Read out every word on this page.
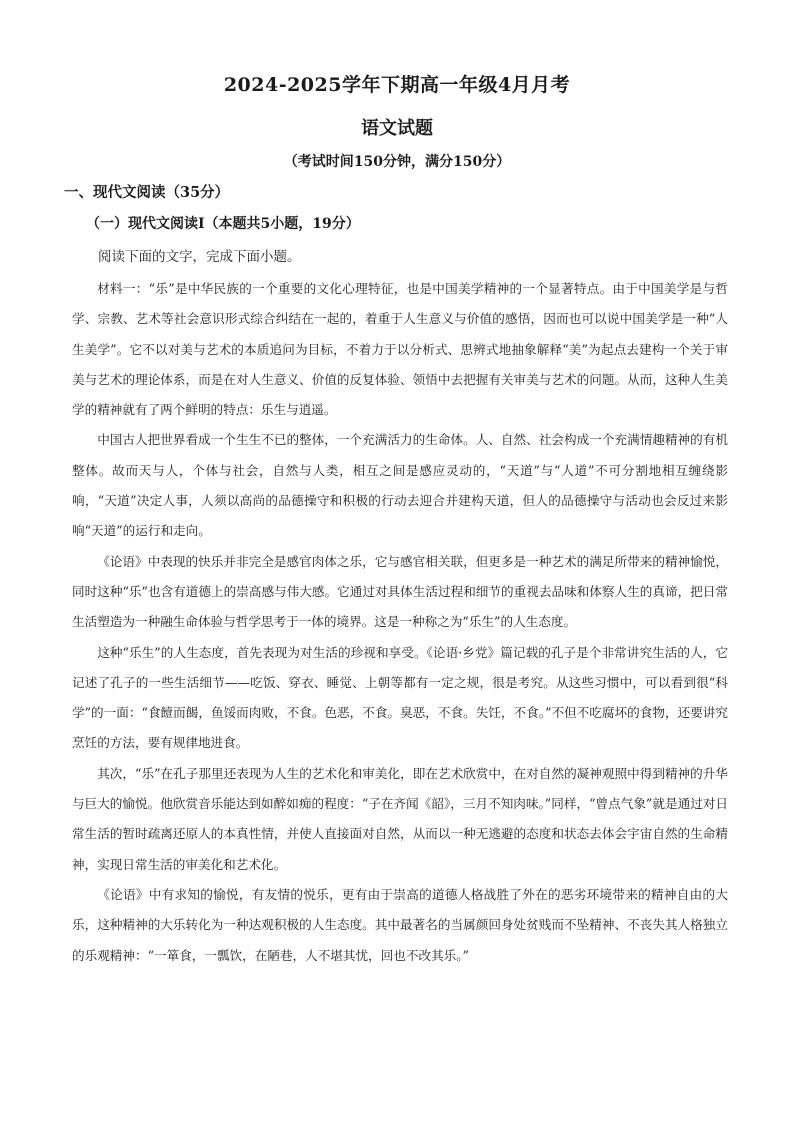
2024-2025学年下期高一年级4月月考
语文试题
（考试时间150分钟，满分150分）
一、现代文阅读（35分）
（一）现代文阅读Ⅰ（本题共5小题，19分）
阅读下面的文字，完成下面小题。

材料一：“乐”是中华民族的一个重要的文化心理特征，也是中国美学精神的一个显著特点。由于中国美学是与哲学、宗教、艺术等社会意识形式综合纠结在一起的，着重于人生意义与价值的感悟，因而也可以说中国美学是一种“人生美学”。它不以对美与艺术的本质追问为目标，不着力于以分析式、思辨式地抽象解释“美”为起点去建构一个关于审美与艺术的理论体系，而是在对人生意义、价值的反复体验、领悟中去把握有关审美与艺术的问题。从而，这种人生美学的精神就有了两个鲜明的特点：乐生与逍遥。

中国古人把世界看成一个生生不已的整体，一个充满活力的生命体。人、自然、社会构成一个充满情趣精神的有机整体。故而天与人，个体与社会，自然与人类，相互之间是感应灵动的，“天道”与“人道”不可分割地相互缠绕影响，“天道”决定人事，人须以高尚的品德操守和积极的行动去迎合并建构天道，但人的品德操守与活动也会反过来影响“天道”的运行和走向。

《论语》中表现的快乐并非完全是感官肉体之乐，它与感官相关联，但更多是一种艺术的满足所带来的精神愉悦，同时这种“乐”也含有道德上的崇高感与伟大感。它通过对具体生活过程和细节的重视去品味和体察人生的真谛，把日常生活塑造为一种融生命体验与哲学思考于一体的境界。这是一种称之为“乐生”的人生态度。

这种“乐生”的人生态度，首先表现为对生活的珍视和享受。《论语·乡党》篇记载的孔子是个非常讲究生活的人，它记述了孔子的一些生活细节——吃饭、穿衣、睡觉、上朝等都有一定之规，很是考究。从这些习惯中，可以看到很“科学”的一面：“食饐而餲，鱼馁而肉败，不食。色恶，不食。臭恶，不食。失饪，不食。”不但不吃腐坏的食物，还要讲究烹饪的方法，要有规律地进食。

其次，“乐”在孔子那里还表现为人生的艺术化和审美化，即在艺术欣赏中，在对自然的凝神观照中得到精神的升华与巨大的愉悦。他欣赏音乐能达到如醉如痴的程度：“子在齐闻《韶》，三月不知肉味。”同样，“曾点气象”就是通过对日常生活的暂时疏离还原人的本真性情，并使人直接面对自然，从而以一种无逃避的态度和状态去体会宇宙自然的生命精神，实现日常生活的审美化和艺术化。

《论语》中有求知的愉悦，有友情的悦乐，更有由于崇高的道德人格战胜了外在的恶劣环境带来的精神自由的大乐，这种精神的大乐转化为一种达观积极的人生态度。其中最著名的当属颜回身处贫贱而不坠精神、不丧失其人格独立的乐观精神：“一箪食，一瓢饮，在陋巷，人不堪其忧，回也不改其乐。”
